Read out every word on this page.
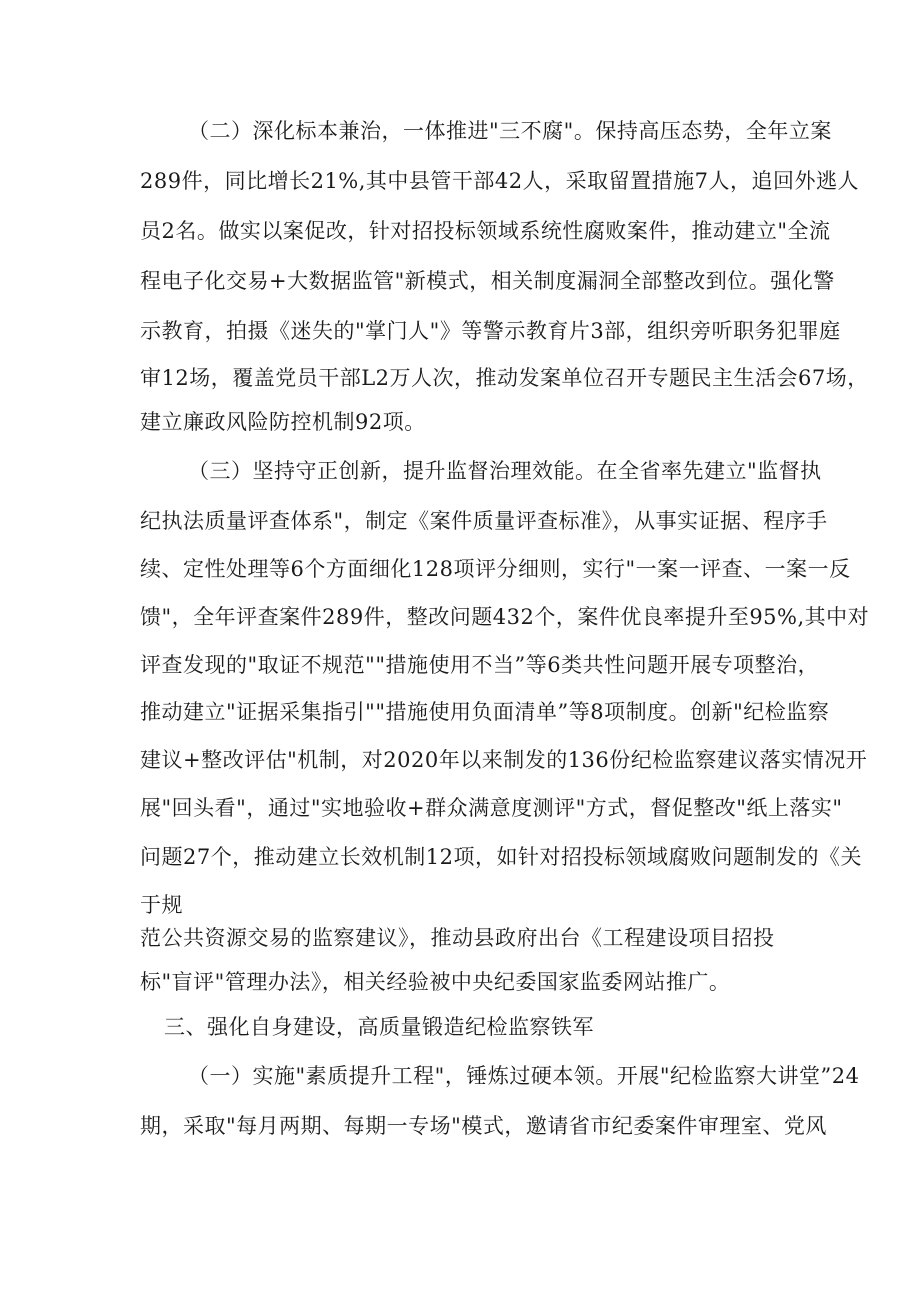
（二）深化标本兼治，一体推进"三不腐"。保持高压态势，全年立案
289件，同比增长21%,其中县管干部42人，采取留置措施7人，追回外逃人
员2名。做实以案促改，针对招投标领域系统性腐败案件，推动建立"全流
程电子化交易+大数据监管"新模式，相关制度漏洞全部整改到位。强化警
示教育，拍摄《迷失的"掌门人"》等警示教育片3部，组织旁听职务犯罪庭
审12场，覆盖党员干部L2万人次，推动发案单位召开专题民主生活会67场，
建立廉政风险防控机制92项。
（三）坚持守正创新，提升监督治理效能。在全省率先建立"监督执
纪执法质量评查体系"，制定《案件质量评查标准》，从事实证据、程序手
续、定性处理等6个方面细化128项评分细则，实行"一案一评查、一案一反
馈"，全年评查案件289件，整改问题432个，案件优良率提升至95%,其中对
评查发现的"取证不规范""措施使用不当”等6类共性问题开展专项整治，
推动建立"证据采集指引""措施使用负面清单”等8项制度。创新"纪检监察
建议+整改评估"机制，对2020年以来制发的136份纪检监察建议落实情况开
展"回头看"，通过"实地验收+群众满意度测评"方式，督促整改"纸上落实"
问题27个，推动建立长效机制12项，如针对招投标领域腐败问题制发的《关
于规
范公共资源交易的监察建议》，推动县政府出台《工程建设项目招投
标"盲评"管理办法》，相关经验被中央纪委国家监委网站推广。
三、强化自身建设，高质量锻造纪检监察铁军
（一）实施"素质提升工程"，锤炼过硬本领。开展"纪检监察大讲堂”24
期，采取"每月两期、每期一专场"模式，邀请省市纪委案件审理室、党风
